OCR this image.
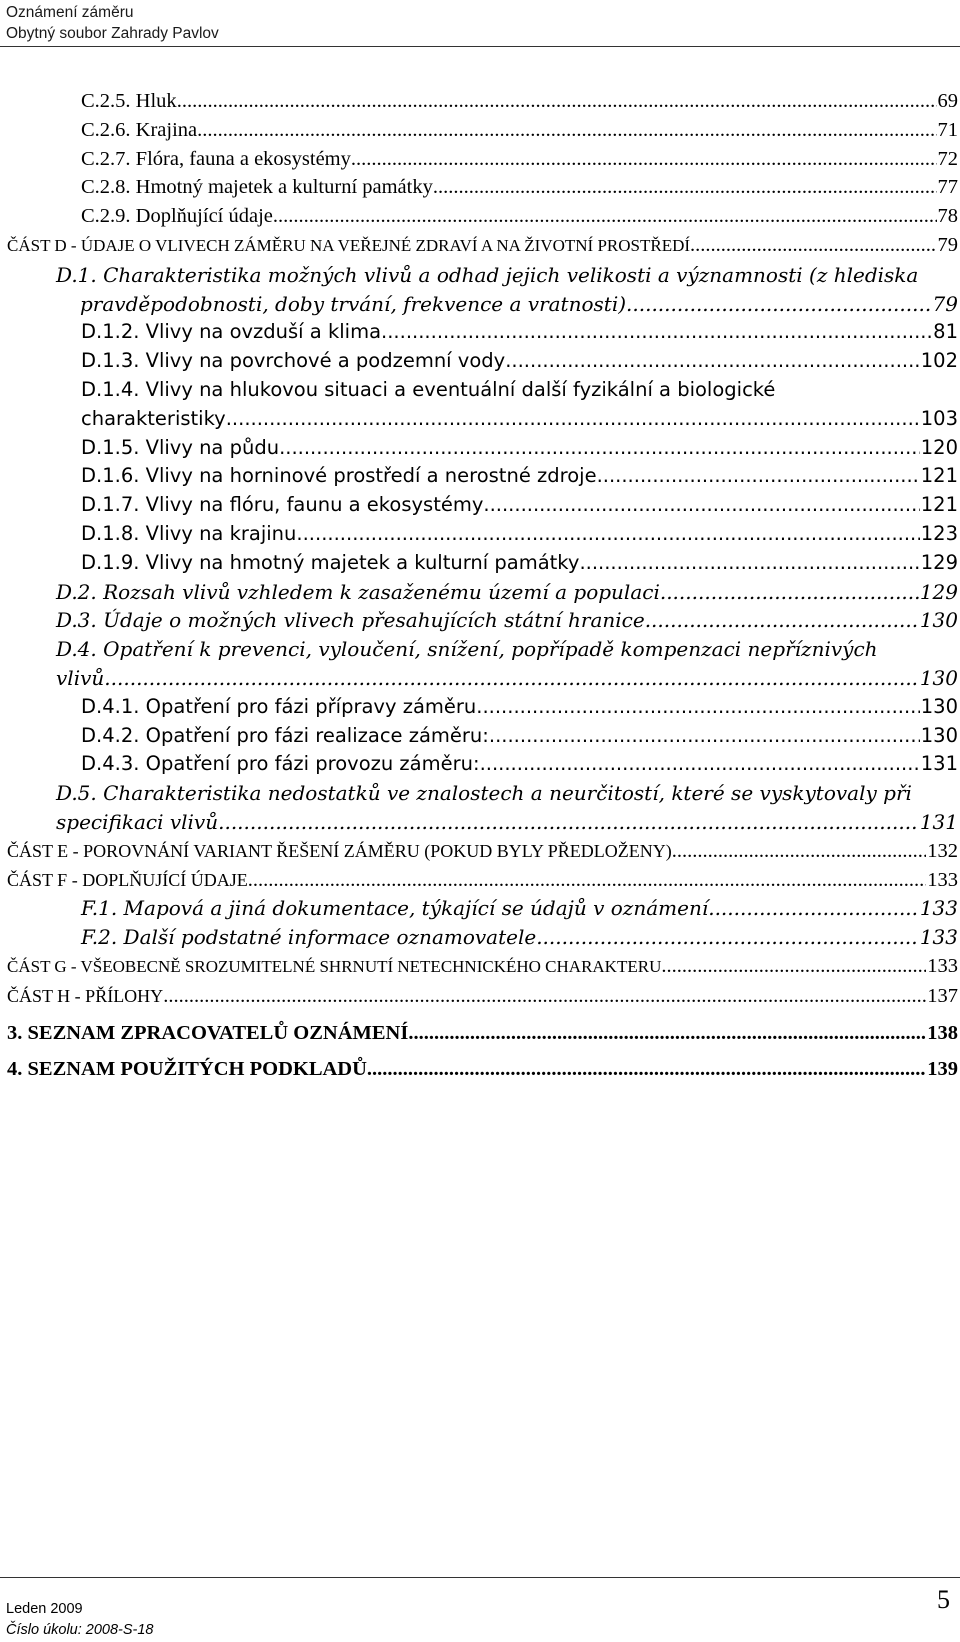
Oznámení záměru
Obytný soubor Zahrady Pavlov
C.2.5. Hluk .....	69
C.2.6. Krajina .....	71
C.2.7. Flóra, fauna a ekosystémy .....	72
C.2.8. Hmotný majetek a kulturní památky .....	77
C.2.9. Doplňující údaje .....	78
ČÁST D - ÚDAJE O VLIVECH ZÁMĚRU NA VEŘEJNÉ ZDRAVÍ A NA ŽIVOTNÍ PROSTŘEDÍ .....	79
D.1. Charakteristika možných vlivů a odhad jejich velikosti a významnosti (z hlediska
pravděpodobnosti, doby trvání, frekvence a vratnosti) .....	79
D.1.2. Vlivy na ovzduší a klima .....	81
D.1.3. Vlivy na povrchové a podzemní vody .....	102
D.1.4. Vlivy na hlukovou situaci a eventuální další fyzikální a biologické
charakteristiky .....	103
D.1.5. Vlivy na půdu .....	120
D.1.6. Vlivy na horninové prostředí a nerostné zdroje .....	121
D.1.7. Vlivy na flóru, faunu a ekosystémy .....	121
D.1.8. Vlivy na krajinu .....	123
D.1.9. Vlivy na hmotný majetek a kulturní památky .....	129
D.2. Rozsah vlivů vzhledem k zasaženému území a populaci .....	129
D.3. Údaje o možných vlivech přesahujících státní hranice .....	130
D.4. Opatření k prevenci, vyloučení, snížení, popřípadě kompenzaci nepříznivých
vlivů .....	130
D.4.1. Opatření pro fázi přípravy záměru .....	130
D.4.2. Opatření pro fázi realizace záměru: .....	130
D.4.3. Opatření pro fázi provozu záměru: .....	131
D.5. Charakteristika nedostatků ve znalostech a neurčitostí, které se vyskytovaly při
specifikaci vlivů .....	131
ČÁST E - POROVNÁNÍ VARIANT ŘEŠENÍ ZÁMĚRU (POKUD BYLY PŘEDLOŽENY) .....	132
ČÁST F - DOPLŇUJÍCÍ ÚDAJE .....	133
F.1. Mapová a jiná dokumentace, týkající se údajů v oznámení .....	133
F.2. Další podstatné informace oznamovatele .....	133
ČÁST G - VŠEOBECNĚ SROZUMITELNÉ SHRNUTÍ NETECHNICKÉHO CHARAKTERU .....	133
ČÁST H - PŘÍLOHY .....	137
3. SEZNAM ZPRACOVATELŮ OZNÁMENÍ .....	138
4. SEZNAM POUŽITÝCH PODKLADŮ .....	139
Leden 2009
Číslo úkolu: 2008-S-18
5
